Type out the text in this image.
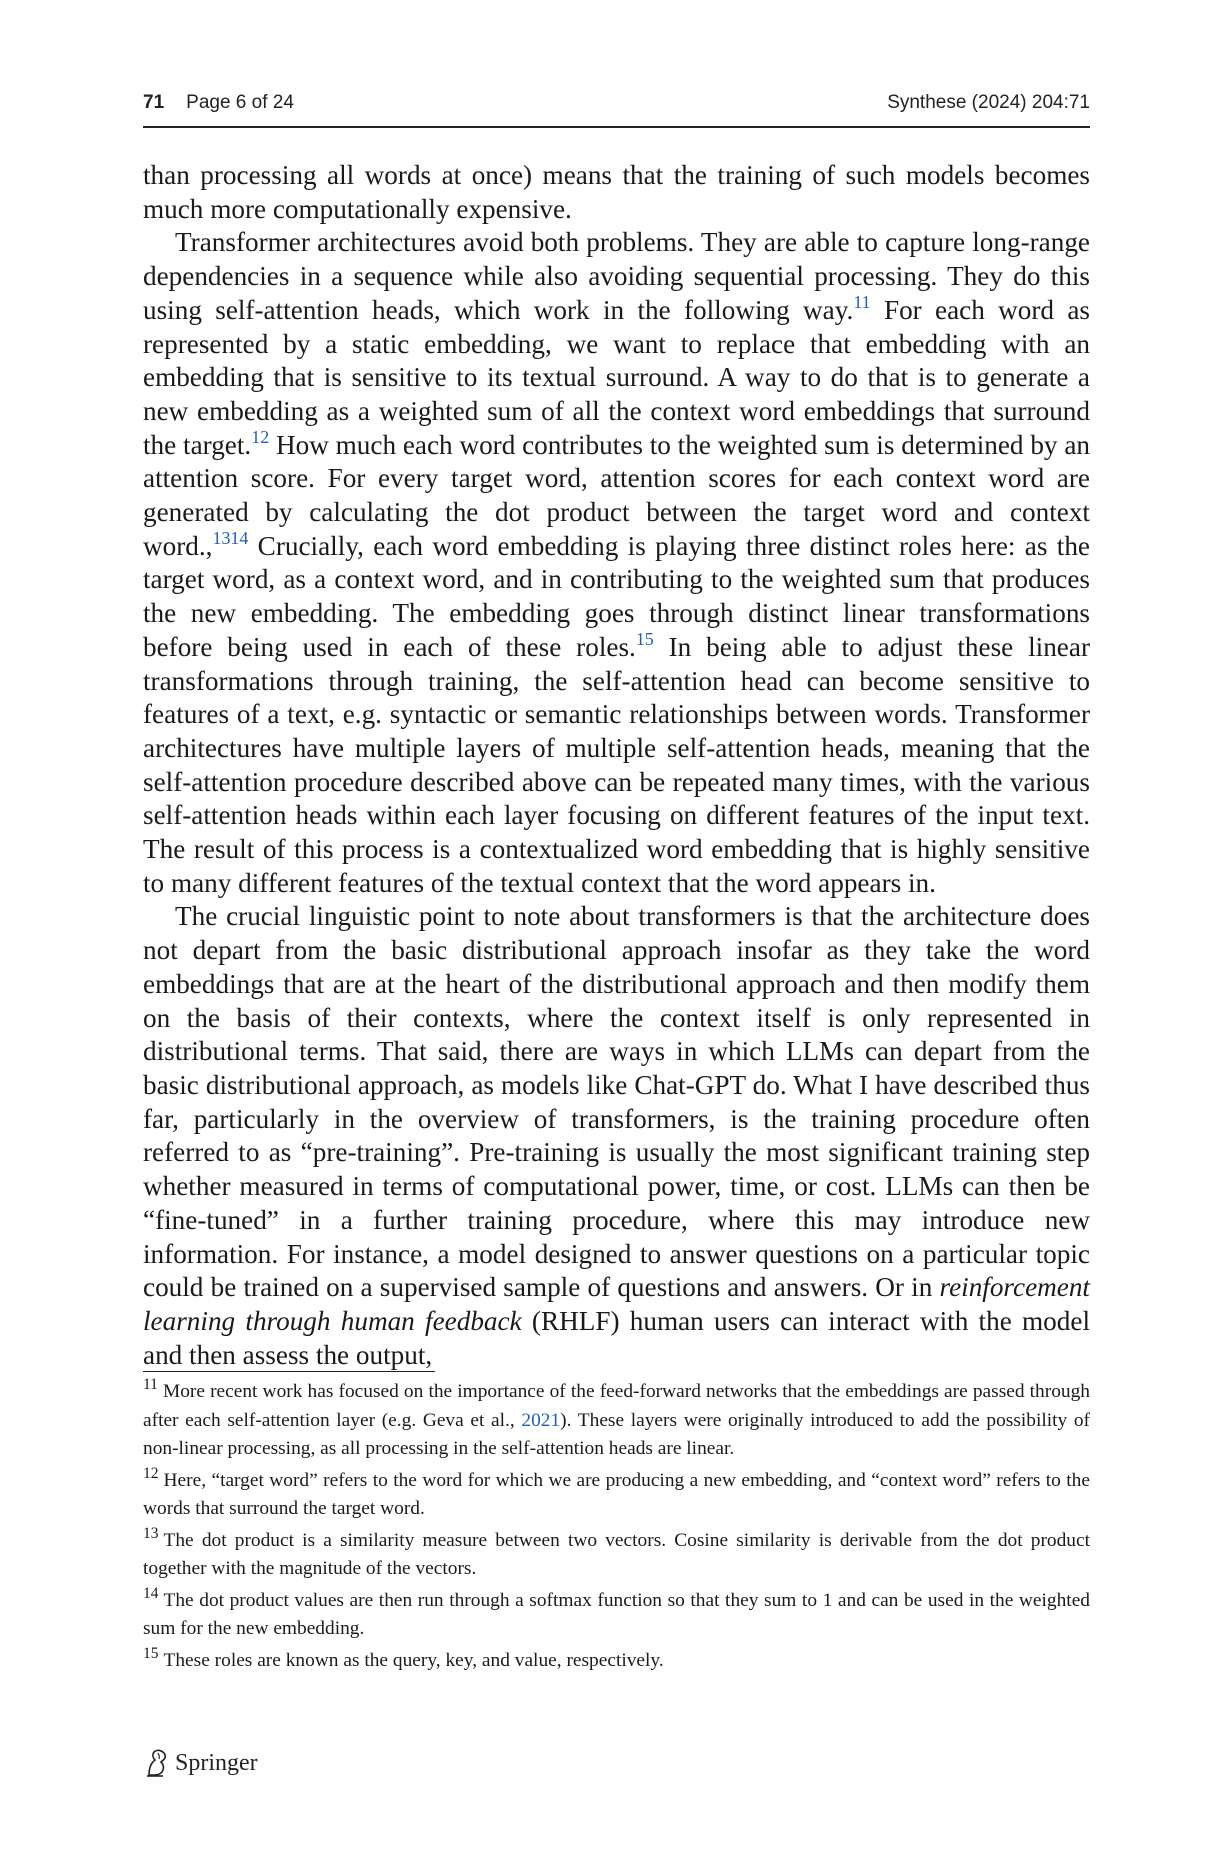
71 Page 6 of 24	Synthese (2024) 204:71

than processing all words at once) means that the training of such models becomes much more computationally expensive.

Transformer architectures avoid both problems. They are able to capture long-range dependencies in a sequence while also avoiding sequential processing. They do this using self-attention heads, which work in the following way.$^{11}$ For each word as represented by a static embedding, we want to replace that embedding with an embedding that is sensitive to its textual surround. A way to do that is to generate a new embedding as a weighted sum of all the context word embeddings that surround the target.$^{12}$ How much each word contributes to the weighted sum is determined by an attention score. For every target word, attention scores for each context word are generated by calculating the dot product between the target word and context word.,$^{1314}$ Crucially, each word embedding is playing three distinct roles here: as the target word, as a context word, and in contributing to the weighted sum that produces the new embedding. The embedding goes through distinct linear transformations before being used in each of these roles.$^{15}$ In being able to adjust these linear transformations through training, the self-attention head can become sensitive to features of a text, e.g. syntactic or semantic relationships between words. Transformer architectures have multiple layers of multiple self-attention heads, meaning that the self-attention procedure described above can be repeated many times, with the various self-attention heads within each layer focusing on different features of the input text. The result of this process is a contextualized word embedding that is highly sensitive to many different features of the textual context that the word appears in.

The crucial linguistic point to note about transformers is that the architecture does not depart from the basic distributional approach insofar as they take the word embeddings that are at the heart of the distributional approach and then modify them on the basis of their contexts, where the context itself is only represented in distributional terms. That said, there are ways in which LLMs can depart from the basic distributional approach, as models like Chat-GPT do. What I have described thus far, particularly in the overview of transformers, is the training procedure often referred to as “pre-training”. Pre-training is usually the most significant training step whether measured in terms of computational power, time, or cost. LLMs can then be “fine-tuned” in a further training procedure, where this may introduce new information. For instance, a model designed to answer questions on a particular topic could be trained on a supervised sample of questions and answers. Or in reinforcement learning through human feedback (RHLF) human users can interact with the model and then assess the output,

$^{11}$ More recent work has focused on the importance of the feed-forward networks that the embeddings are passed through after each self-attention layer (e.g. Geva et al., 2021). These layers were originally introduced to add the possibility of non-linear processing, as all processing in the self-attention heads are linear.

$^{12}$ Here, “target word” refers to the word for which we are producing a new embedding, and “context word” refers to the words that surround the target word.

$^{13}$ The dot product is a similarity measure between two vectors. Cosine similarity is derivable from the dot product together with the magnitude of the vectors.

$^{14}$ The dot product values are then run through a softmax function so that they sum to 1 and can be used in the weighted sum for the new embedding.

$^{15}$ These roles are known as the query, key, and value, respectively.

Springer
